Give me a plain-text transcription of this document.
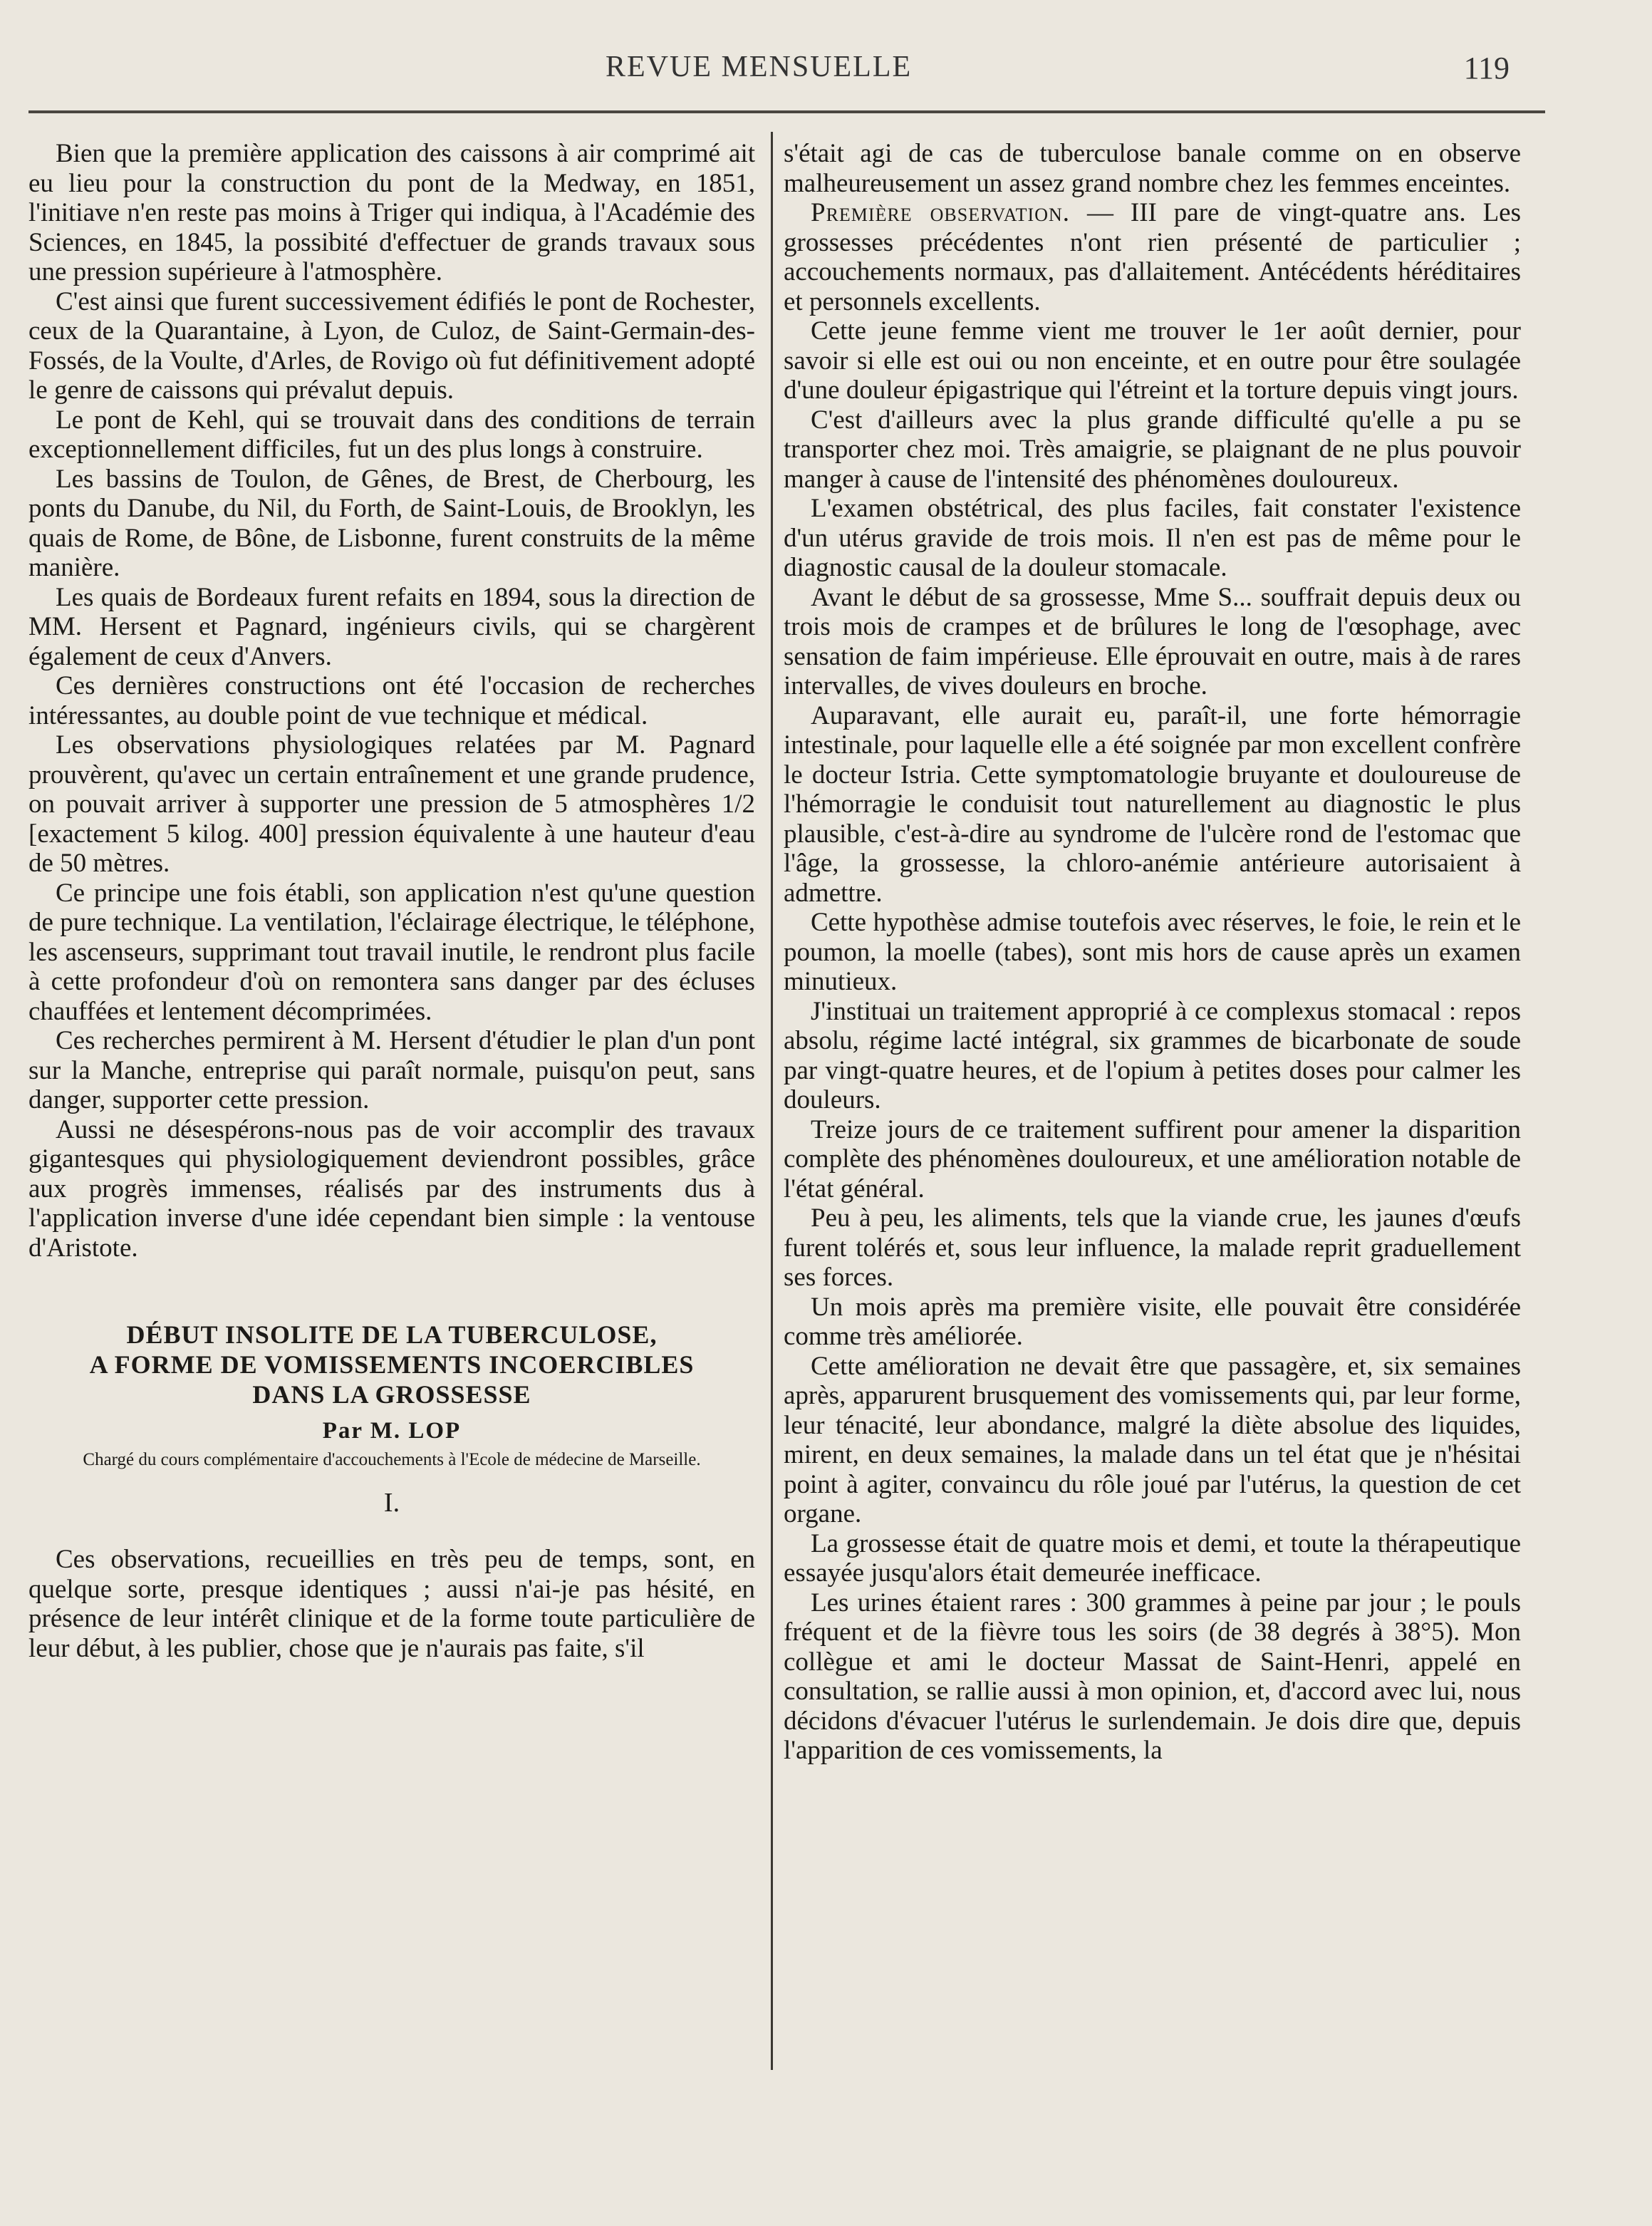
REVUE MENSUELLE	119

Bien que la première application des caissons à air comprimé ait eu lieu pour la construction du pont de la Medway, en 1851, l'initiave n'en reste pas moins à Triger qui indiqua, à l'Académie des Sciences, en 1845, la possibité d'effectuer de grands travaux sous une pression supérieure à l'atmosphère.

C'est ainsi que furent successivement édifiés le pont de Rochester, ceux de la Quarantaine, à Lyon, de Culoz, de Saint-Germain-des-Fossés, de la Voulte, d'Arles, de Rovigo où fut définitivement adopté le genre de caissons qui prévalut depuis.

Le pont de Kehl, qui se trouvait dans des conditions de terrain exceptionnellement difficiles, fut un des plus longs à construire.

Les bassins de Toulon, de Gênes, de Brest, de Cherbourg, les ponts du Danube, du Nil, du Forth, de Saint-Louis, de Brooklyn, les quais de Rome, de Bône, de Lisbonne, furent construits de la même manière.

Les quais de Bordeaux furent refaits en 1894, sous la direction de MM. Hersent et Pagnard, ingénieurs civils, qui se chargèrent également de ceux d'Anvers.

Ces dernières constructions ont été l'occasion de recherches intéressantes, au double point de vue technique et médical.

Les observations physiologiques relatées par M. Pagnard prouvèrent, qu'avec un certain entraînement et une grande prudence, on pouvait arriver à supporter une pression de 5 atmosphères 1/2 [exactement 5 kilog. 400] pression équivalente à une hauteur d'eau de 50 mètres.

Ce principe une fois établi, son application n'est qu'une question de pure technique. La ventilation, l'éclairage électrique, le téléphone, les ascenseurs, supprimant tout travail inutile, le rendront plus facile à cette profondeur d'où on remontera sans danger par des écluses chauffées et lentement décomprimées.

Ces recherches permirent à M. Hersent d'étudier le plan d'un pont sur la Manche, entreprise qui paraît normale, puisqu'on peut, sans danger, supporter cette pression.

Aussi ne désespérons-nous pas de voir accomplir des travaux gigantesques qui physiologiquement deviendront possibles, grâce aux progrès immenses, réalisés par des instruments dus à l'application inverse d'une idée cependant bien simple : la ventouse d'Aristote.

DÉBUT INSOLITE DE LA TUBERCULOSE,
A FORME DE VOMISSEMENTS INCOERCIBLES
DANS LA GROSSESSE
Par M. LOP
Chargé du cours complémentaire d'accouchements à l'Ecole de médecine de Marseille.
I.

Ces observations, recueillies en très peu de temps, sont, en quelque sorte, presque identiques ; aussi n'ai-je pas hésité, en présence de leur intérêt clinique et de la forme toute particulière de leur début, à les publier, chose que je n'aurais pas faite, s'il

s'était agi de cas de tuberculose banale comme on en observe malheureusement un assez grand nombre chez les femmes enceintes.

Première observation. — III pare de vingt-quatre ans. Les grossesses précédentes n'ont rien présenté de particulier ; accouchements normaux, pas d'allaitement. Antécédents héréditaires et personnels excellents.

Cette jeune femme vient me trouver le 1er août dernier, pour savoir si elle est oui ou non enceinte, et en outre pour être soulagée d'une douleur épigastrique qui l'étreint et la torture depuis vingt jours.

C'est d'ailleurs avec la plus grande difficulté qu'elle a pu se transporter chez moi. Très amaigrie, se plaignant de ne plus pouvoir manger à cause de l'intensité des phénomènes douloureux.

L'examen obstétrical, des plus faciles, fait constater l'existence d'un utérus gravide de trois mois. Il n'en est pas de même pour le diagnostic causal de la douleur stomacale.

Avant le début de sa grossesse, Mme S... souffrait depuis deux ou trois mois de crampes et de brûlures le long de l'œsophage, avec sensation de faim impérieuse. Elle éprouvait en outre, mais à de rares intervalles, de vives douleurs en broche.

Auparavant, elle aurait eu, paraît-il, une forte hémorragie intestinale, pour laquelle elle a été soignée par mon excellent confrère le docteur Istria. Cette symptomatologie bruyante et douloureuse de l'hémorragie le conduisit tout naturellement au diagnostic le plus plausible, c'est-à-dire au syndrome de l'ulcère rond de l'estomac que l'âge, la grossesse, la chloro-anémie antérieure autorisaient à admettre.

Cette hypothèse admise toutefois avec réserves, le foie, le rein et le poumon, la moelle (tabes), sont mis hors de cause après un examen minutieux.

J'instituai un traitement approprié à ce complexus stomacal : repos absolu, régime lacté intégral, six grammes de bicarbonate de soude par vingt-quatre heures, et de l'opium à petites doses pour calmer les douleurs.

Treize jours de ce traitement suffirent pour amener la disparition complète des phénomènes douloureux, et une amélioration notable de l'état général.

Peu à peu, les aliments, tels que la viande crue, les jaunes d'œufs furent tolérés et, sous leur influence, la malade reprit graduellement ses forces.

Un mois après ma première visite, elle pouvait être considérée comme très améliorée.

Cette amélioration ne devait être que passagère, et, six semaines après, apparurent brusquement des vomissements qui, par leur forme, leur ténacité, leur abondance, malgré la diète absolue des liquides, mirent, en deux semaines, la malade dans un tel état que je n'hésitai point à agiter, convaincu du rôle joué par l'utérus, la question de cet organe.

La grossesse était de quatre mois et demi, et toute la thérapeutique essayée jusqu'alors était demeurée inefficace.

Les urines étaient rares : 300 grammes à peine par jour ; le pouls fréquent et de la fièvre tous les soirs (de 38 degrés à 38°5). Mon collègue et ami le docteur Massat de Saint-Henri, appelé en consultation, se rallie aussi à mon opinion, et, d'accord avec lui, nous décidons d'évacuer l'utérus le surlendemain. Je dois dire que, depuis l'apparition de ces vomissements, la
